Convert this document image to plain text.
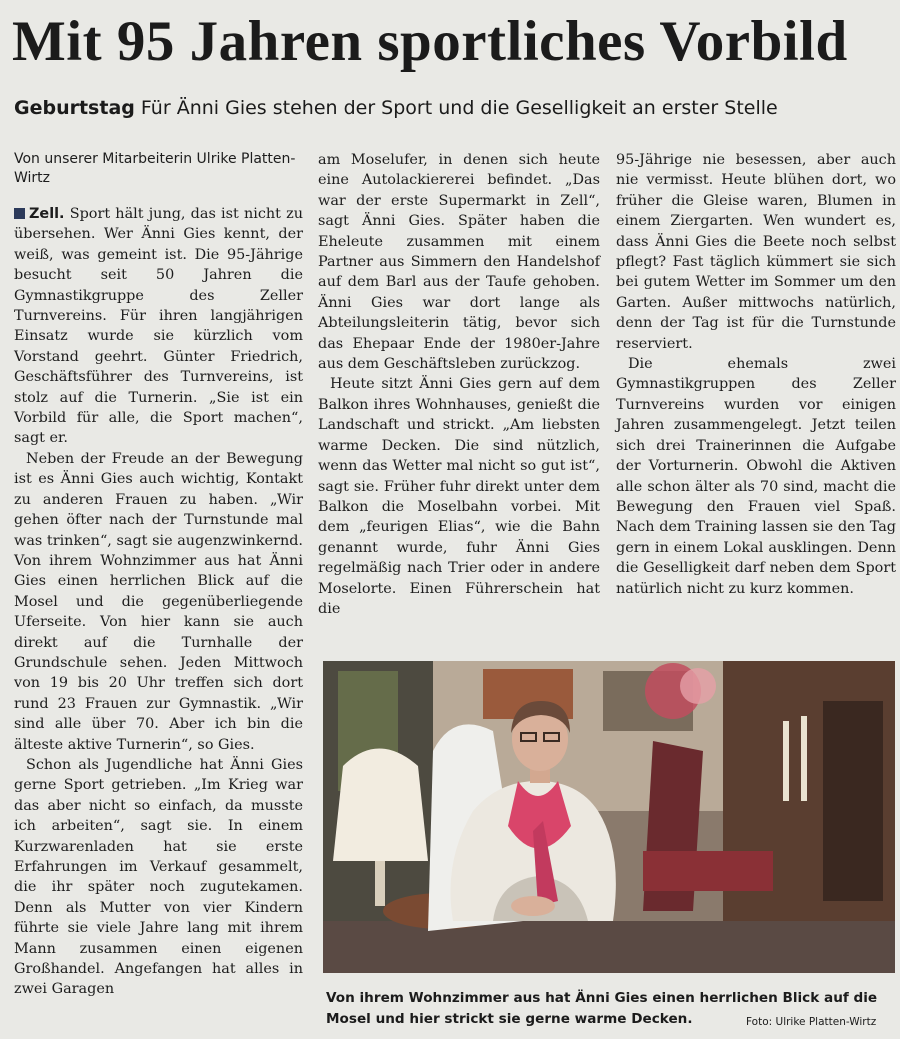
Mit 95 Jahren sportliches Vorbild
Geburtstag Für Änni Gies stehen der Sport und die Geselligkeit an erster Stelle

Von unserer Mitarbeiterin Ulrike Platten-Wirtz

Zell. Sport hält jung, das ist nicht zu übersehen. Wer Änni Gies kennt, der weiß, was gemeint ist. Die 95-Jährige besucht seit 50 Jahren die Gymnastikgruppe des Zeller Turnvereins. Für ihren langjährigen Einsatz wurde sie kürzlich vom Vorstand geehrt. Günter Friedrich, Geschäftsführer des Turnvereins, ist stolz auf die Turnerin. „Sie ist ein Vorbild für alle, die Sport machen“, sagt er.

Neben der Freude an der Bewegung ist es Änni Gies auch wichtig, Kontakt zu anderen Frauen zu haben. „Wir gehen öfter nach der Turnstunde mal was trinken“, sagt sie augenzwinkernd. Von ihrem Wohnzimmer aus hat Änni Gies einen herrlichen Blick auf die Mosel und die gegenüberliegende Uferseite. Von hier kann sie auch direkt auf die Turnhalle der Grundschule sehen. Jeden Mittwoch von 19 bis 20 Uhr treffen sich dort rund 23 Frauen zur Gymnastik. „Wir sind alle über 70. Aber ich bin die älteste aktive Turnerin“, so Gies.

Schon als Jugendliche hat Änni Gies gerne Sport getrieben. „Im Krieg war das aber nicht so einfach, da musste ich arbeiten“, sagt sie. In einem Kurzwarenladen hat sie erste Erfahrungen im Verkauf gesammelt, die ihr später noch zugutekamen. Denn als Mutter von vier Kindern führte sie viele Jahre lang mit ihrem Mann zusammen einen eigenen Großhandel. Angefangen hat alles in zwei Garagen

am Moselufer, in denen sich heute eine Autolackiererei befindet. „Das war der erste Supermarkt in Zell“, sagt Änni Gies. Später haben die Eheleute zusammen mit einem Partner aus Simmern den Handelshof auf dem Barl aus der Taufe gehoben. Änni Gies war dort lange als Abteilungsleiterin tätig, bevor sich das Ehepaar Ende der 1980er-Jahre aus dem Geschäftsleben zurückzog.

Heute sitzt Änni Gies gern auf dem Balkon ihres Wohnhauses, genießt die Landschaft und strickt. „Am liebsten warme Decken. Die sind nützlich, wenn das Wetter mal nicht so gut ist“, sagt sie. Früher fuhr direkt unter dem Balkon die Moselbahn vorbei. Mit dem „feurigen Elias“, wie die Bahn genannt wurde, fuhr Änni Gies regelmäßig nach Trier oder in andere Moselorte. Einen Führerschein hat die

95-Jährige nie besessen, aber auch nie vermisst. Heute blühen dort, wo früher die Gleise waren, Blumen in einem Ziergarten. Wen wundert es, dass Änni Gies die Beete noch selbst pflegt? Fast täglich kümmert sie sich bei gutem Wetter im Sommer um den Garten. Außer mittwochs natürlich, denn der Tag ist für die Turnstunde reserviert.

Die ehemals zwei Gymnastikgruppen des Zeller Turnvereins wurden vor einigen Jahren zusammengelegt. Jetzt teilen sich drei Trainerinnen die Aufgabe der Vorturnerin. Obwohl die Aktiven alle schon älter als 70 sind, macht die Bewegung den Frauen viel Spaß. Nach dem Training lassen sie den Tag gern in einem Lokal ausklingen. Denn die Geselligkeit darf neben dem Sport natürlich nicht zu kurz kommen.

Von ihrem Wohnzimmer aus hat Änni Gies einen herrlichen Blick auf die Mosel und hier strickt sie gerne warme Decken.	Foto: Ulrike Platten-Wirtz
